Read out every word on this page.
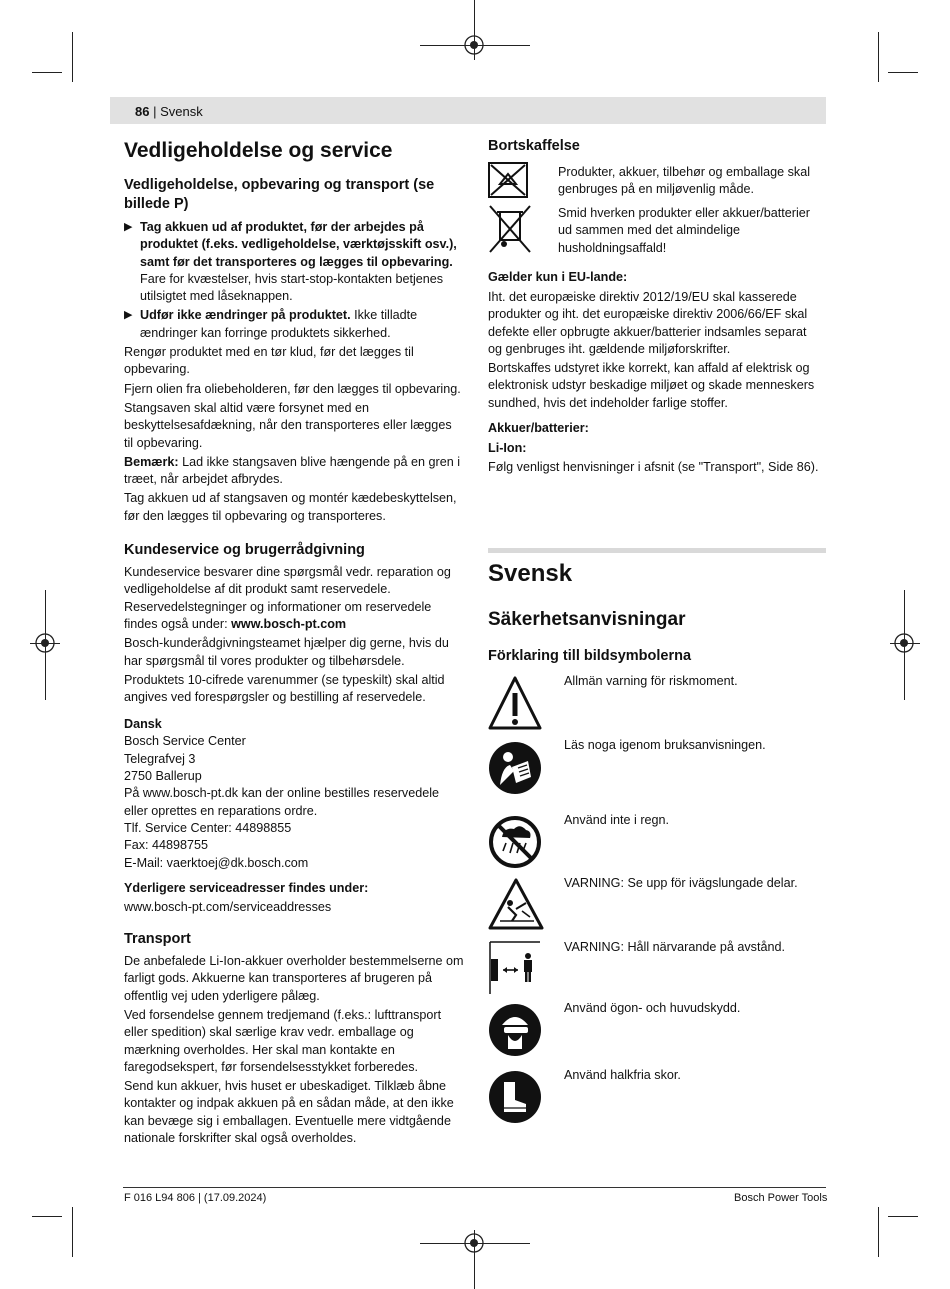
86 | Svensk
Vedligeholdelse og service
Vedligeholdelse, opbevaring og transport (se billede P)
▶ Tag akkuen ud af produktet, før der arbejdes på produktet (f.eks. vedligeholdelse, værktøjsskift osv.), samt før det transporteres og lægges til opbevaring. Fare for kvæstelser, hvis start-stop-kontakten betjenes utilsigtet med låseknappen.
▶ Udfør ikke ændringer på produktet. Ikke tilladte ændringer kan forringe produktets sikkerhed.

Rengør produktet med en tør klud, før det lægges til opbevaring.

Fjern olien fra oliebeholderen, før den lægges til opbevaring.

Stangsaven skal altid være forsynet med en beskyttelsesafdækning, når den transporteres eller lægges til opbevaring.

Bemærk: Lad ikke stangsaven blive hængende på en gren i træet, når arbejdet afbrydes.

Tag akkuen ud af stangsaven og montér kædebeskyttelsen, før den lægges til opbevaring og transporteres.

Kundeservice og brugerrådgivning

Kundeservice besvarer dine spørgsmål vedr. reparation og vedligeholdelse af dit produkt samt reservedele. Reservedelstegninger og informationer om reservedele findes også under: www.bosch-pt.com

Bosch-kunderådgivningsteamet hjælper dig gerne, hvis du har spørgsmål til vores produkter og tilbehørsdele.

Produktets 10-cifrede varenummer (se typeskilt) skal altid angives ved forespørgsler og bestilling af reservedele.

Dansk
Bosch Service Center
Telegrafvej 3
2750 Ballerup
På www.bosch-pt.dk kan der online bestilles reservedele eller oprettes en reparations ordre.
Tlf. Service Center: 44898855
Fax: 44898755
E-Mail: vaerktoej@dk.bosch.com
Yderligere serviceadresser findes under:
www.bosch-pt.com/serviceaddresses
Transport

De anbefalede Li-Ion-akkuer overholder bestemmelserne om farligt gods. Akkuerne kan transporteres af brugeren på offentlig vej uden yderligere pålæg.

Ved forsendelse gennem tredjemand (f.eks.: lufttransport eller spedition) skal særlige krav vedr. emballage og mærkning overholdes. Her skal man kontakte en faregodsekspert, før forsendelsesstykket forberedes.

Send kun akkuer, hvis huset er ubeskadiget. Tilklæb åbne kontakter og indpak akkuen på en sådan måde, at den ikke kan bevæge sig i emballagen. Eventuelle mere vidtgående nationale forskrifter skal også overholdes.

Bortskaffelse
Produkter, akkuer, tilbehør og emballage skal genbruges på en miljøvenlig måde.
Smid hverken produkter eller akkuer/batterier ud sammen med det almindelige husholdningsaffald!
Gælder kun i EU-lande:

Iht. det europæiske direktiv 2012/19/EU skal kasserede produkter og iht. det europæiske direktiv 2006/66/EF skal defekte eller opbrugte akkuer/batterier indsamles separat og genbruges iht. gældende miljøforskrifter.

Bortskaffes udstyret ikke korrekt, kan affald af elektrisk og elektronisk udstyr beskadige miljøet og skade menneskers sundhed, hvis det indeholder farlige stoffer.

Akkuer/batterier:
Li-Ion:

Følg venligst henvisninger i afsnit (se "Transport", Side 86).

Svensk
Säkerhetsanvisningar
Förklaring till bildsymbolerna
Allmän varning för riskmoment.
Läs noga igenom bruksanvisningen.
Använd inte i regn.
VARNING: Se upp för ivägslungade delar.
VARNING: Håll närvarande på avstånd.
Använd ögon- och huvudskydd.
Använd halkfria skor.
F 016 L94 806 | (17.09.2024)	Bosch Power Tools
